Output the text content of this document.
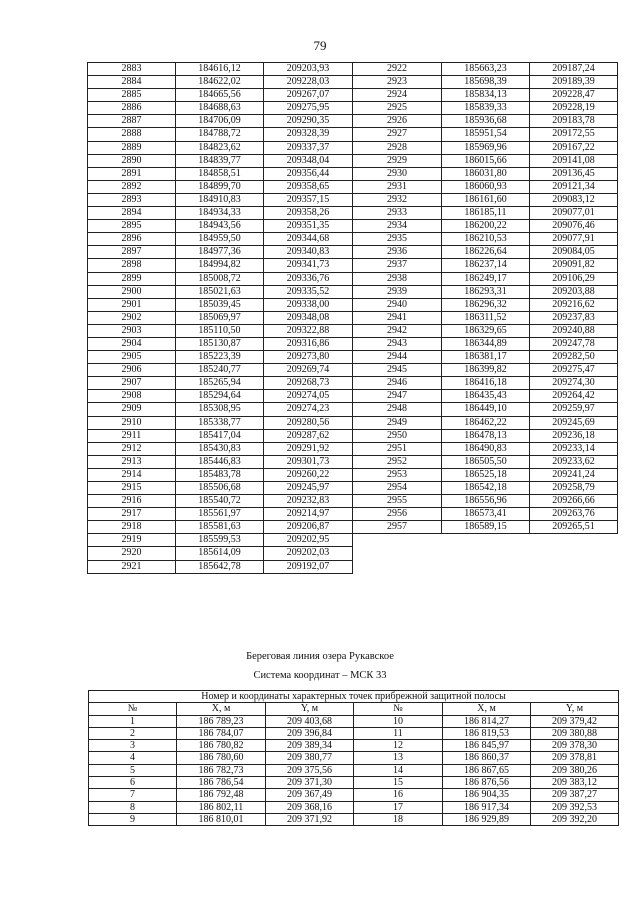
79
2883	184616,12	209203,93	2922	185663,23	209187,24
2884	184622,02	209228,03	2923	185698,39	209189,39
2885	184665,56	209267,07	2924	185834,13	209228,47
2886	184688,63	209275,95	2925	185839,33	209228,19
2887	184706,09	209290,35	2926	185936,68	209183,78
2888	184788,72	209328,39	2927	185951,54	209172,55
2889	184823,62	209337,37	2928	185969,96	209167,22
2890	184839,77	209348,04	2929	186015,66	209141,08
2891	184858,51	209356,44	2930	186031,80	209136,45
2892	184899,70	209358,65	2931	186060,93	209121,34
2893	184910,83	209357,15	2932	186161,60	209083,12
2894	184934,33	209358,26	2933	186185,11	209077,01
2895	184943,56	209351,35	2934	186200,22	209076,46
2896	184959,50	209344,68	2935	186210,53	209077,91
2897	184977,36	209340,83	2936	186226,64	209084,05
2898	184994,82	209341,73	2937	186237,14	209091,82
2899	185008,72	209336,76	2938	186249,17	209106,29
2900	185021,63	209335,52	2939	186293,31	209203,88
2901	185039,45	209338,00	2940	186296,32	209216,62
2902	185069,97	209348,08	2941	186311,52	209237,83
2903	185110,50	209322,88	2942	186329,65	209240,88
2904	185130,87	209316,86	2943	186344,89	209247,78
2905	185223,39	209273,80	2944	186381,17	209282,50
2906	185240,77	209269,74	2945	186399,82	209275,47
2907	185265,94	209268,73	2946	186416,18	209274,30
2908	185294,64	209274,05	2947	186435,43	209264,42
2909	185308,95	209274,23	2948	186449,10	209259,97
2910	185338,77	209280,56	2949	186462,22	209245,69
2911	185417,04	209287,62	2950	186478,13	209236,18
2912	185430,83	209291,92	2951	186490,83	209233,14
2913	185446,83	209301,73	2952	186505,50	209233,62
2914	185483,78	209260,22	2953	186525,18	209241,24
2915	185506,68	209245,97	2954	186542,18	209258,79
2916	185540,72	209232,83	2955	186556,96	209266,66
2917	185561,97	209214,97	2956	186573,41	209263,76
2918	185581,63	209206,87	2957	186589,15	209265,51
2919	185599,53	209202,95			
2920	185614,09	209202,03			
2921	185642,78	209192,07			
Береговая линия озера Рукавское
Система координат – МСК 33
Номер и координаты характерных точек прибрежной защитной полосы					
№	X, м	Y, м	№	X, м	Y, м
1	186 789,23	209 403,68	10	186 814,27	209 379,42
2	186 784,07	209 396,84	11	186 819,53	209 380,88
3	186 780,82	209 389,34	12	186 845,97	209 378,30
4	186 780,60	209 380,77	13	186 860,37	209 378,81
5	186 782,73	209 375,56	14	186 867,65	209 380,26
6	186 786,54	209 371,30	15	186 876,56	209 383,12
7	186 792,48	209 367,49	16	186 904,35	209 387,27
8	186 802,11	209 368,16	17	186 917,34	209 392,53
9	186 810,01	209 371,92	18	186 929,89	209 392,20
